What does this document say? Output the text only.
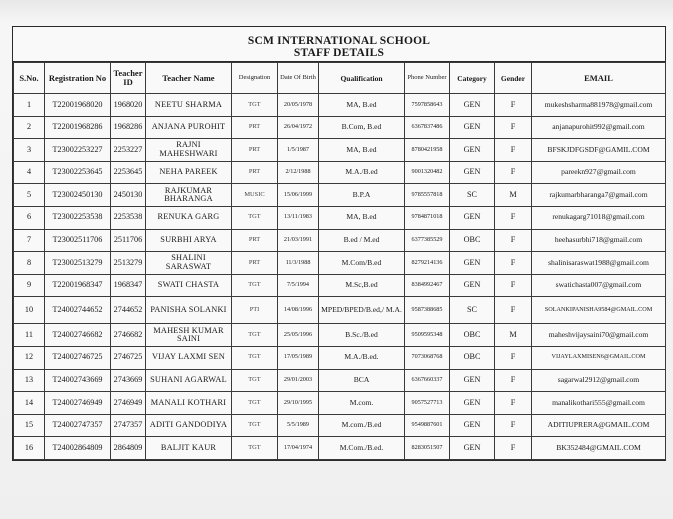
SCM INTERNATIONAL SCHOOL
STAFF DETAILS
S.No.	Registration No	Teacher ID	Teacher Name	Designation	Date Of Birth	Qualification	Phone Number	Category	Gender	EMAIL
1	T22001968020	1968020	NEETU SHARMA	TGT	20/05/1978	MA, B.ed	7597858643	GEN	F	mukeshsharma881978@gmail.com
2	T22001968286	1968286	ANJANA PUROHIT	PRT	26/04/1972	B.Com, B.ed	6367837486	GEN	F	anjanapurohit992@gmail.com
3	T23002253227	2253227	RAJNI MAHESHWARI	PRT	1/5/1987	MA, B.ed	8780421958	GEN	F	BFSKJDFGSDF@GAMIL.COM
4	T23002253645	2253645	NEHA PAREEK	PRT	2/12/1988	M.A./B.ed	9001320482	GEN	F	pareekn927@gmail.com
5	T23002450130	2450130	RAJKUMAR BHARANGA	MUSIC	15/06/1999	B.P.A	9785557818	SC	M	rajkumarbharanga7@gmail.com
6	T23002253538	2253538	RENUKA GARG	TGT	13/11/1983	MA, B.ed	9784871018	GEN	F	renukagarg71018@gmail.com
7	T23002511706	2511706	SURBHI ARYA	PRT	21/03/1991	B.ed / M.ed	6377385529	OBC	F	heehasurbhi718@gmail.com
8	T23002513279	2513279	SHALINI SARASWAT	PRT	11/3/1988	M.Com/B.ed	8279214136	GEN	F	shalinisaraswat1988@gmail.com
9	T22001968347	1968347	SWATI CHASTA	TGT	7/5/1994	M.Sc,B.ed	8384992467	GEN	F	swatichasta007@gmail.com
10	T24002744652	2744652	PANISHA SOLANKI	PTI	14/08/1996	MPED/BPED/B.ed,/ M.A.	9587388685	SC	F	SOLANKIPANISHA9584@GMAIL.COM
11	T24002746682	2746682	MAHESH KUMAR SAINI	TGT	25/05/1996	B.Sc./B.ed	9509595348	OBC	M	maheshvijaysaini70@gmail.com
12	T24002746725	2746725	VIJAY LAXMI SEN	TGT	17/05/1989	M.A./B.ed.	7073068768	OBC	F	VIJAYLAXMISEN6@GMAIL.COM
13	T24002743669	2743669	SUHANI AGARWAL	TGT	29/01/2003	BCA	6367660337	GEN	F	sagarwal2912@gmail.com
14	T24002746949	2746949	MANALI KOTHARI	TGT	29/10/1995	M.com.	9057527713	GEN	F	manalikothari555@gmail.com
15	T24002747357	2747357	ADITI GANDODIYA	TGT	5/5/1989	M.com./B.ed	9549887601	GEN	F	ADITIUPRERA@GMAIL.COM
16	T24002864809	2864809	BALJIT KAUR	TGT	17/04/1974	M.Com./B.ed.	8283051507	GEN	F	BK352484@GMAIL.COM
